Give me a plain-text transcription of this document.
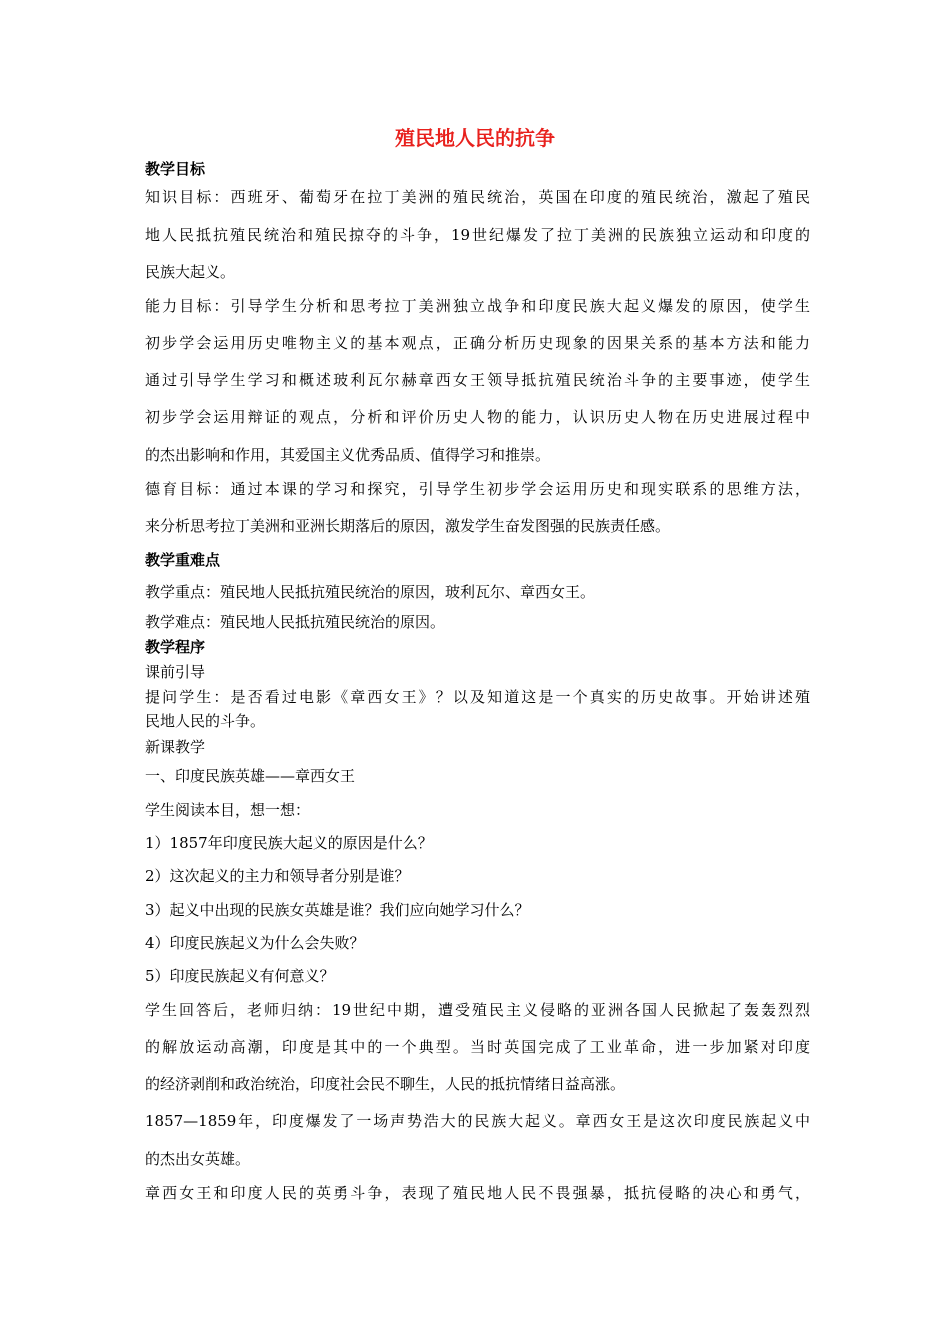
殖民地人民的抗争
教学目标
知识目标：西班牙、葡萄牙在拉丁美洲的殖民统治，英国在印度的殖民统治，激起了殖民
地人民抵抗殖民统治和殖民掠夺的斗争，19世纪爆发了拉丁美洲的民族独立运动和印度的
民族大起义。
能力目标：引导学生分析和思考拉丁美洲独立战争和印度民族大起义爆发的原因，使学生
初步学会运用历史唯物主义的基本观点，正确分析历史现象的因果关系的基本方法和能力
通过引导学生学习和概述玻利瓦尔赫章西女王领导抵抗殖民统治斗争的主要事迹，使学生
初步学会运用辩证的观点，分析和评价历史人物的能力，认识历史人物在历史进展过程中
的杰出影响和作用，其爱国主义优秀品质、值得学习和推崇。
德育目标：通过本课的学习和探究，引导学生初步学会运用历史和现实联系的思维方法，
来分析思考拉丁美洲和亚洲长期落后的原因，激发学生奋发图强的民族责任感。
教学重难点
教学重点：殖民地人民抵抗殖民统治的原因，玻利瓦尔、章西女王。
教学难点：殖民地人民抵抗殖民统治的原因。
教学程序
课前引导
提问学生：是否看过电影《章西女王》？以及知道这是一个真实的历史故事。开始讲述殖
民地人民的斗争。
新课教学
一、印度民族英雄——章西女王
学生阅读本目，想一想：
1）1857年印度民族大起义的原因是什么？
2）这次起义的主力和领导者分别是谁？
3）起义中出现的民族女英雄是谁？我们应向她学习什么？
4）印度民族起义为什么会失败？
5）印度民族起义有何意义？
学生回答后，老师归纳：19世纪中期，遭受殖民主义侵略的亚洲各国人民掀起了轰轰烈烈
的解放运动高潮，印度是其中的一个典型。当时英国完成了工业革命，进一步加紧对印度
的经济剥削和政治统治，印度社会民不聊生，人民的抵抗情绪日益高涨。
1857—1859年，印度爆发了一场声势浩大的民族大起义。章西女王是这次印度民族起义中
的杰出女英雄。
章西女王和印度人民的英勇斗争，表现了殖民地人民不畏强暴，抵抗侵略的决心和勇气，
